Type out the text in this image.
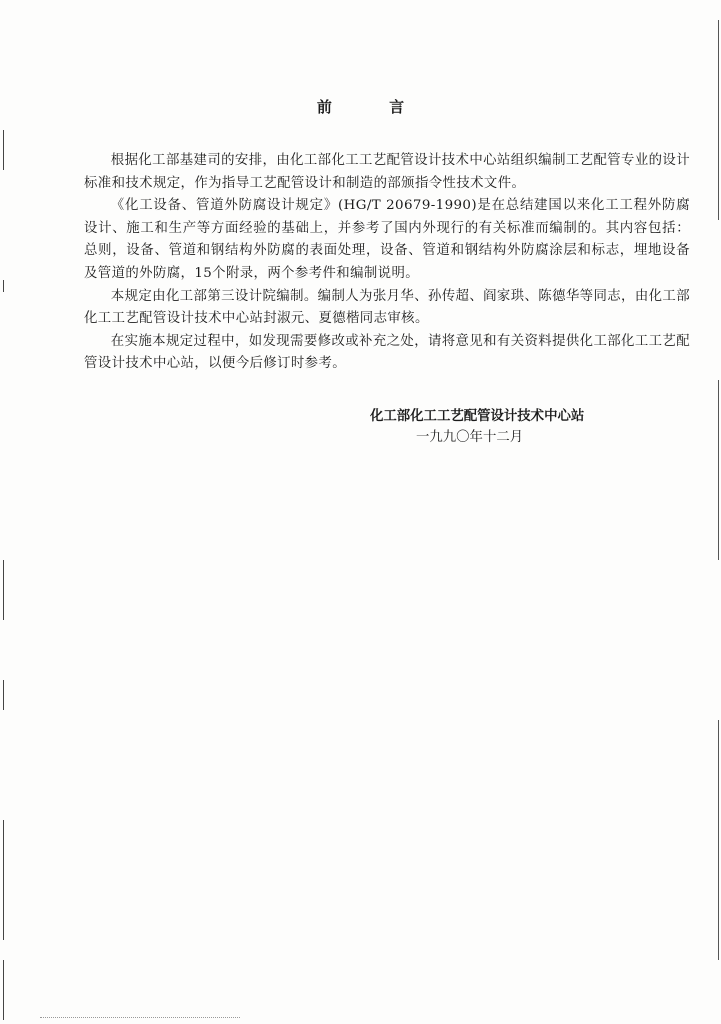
前 言

根据化工部基建司的安排，由化工部化工工艺配管设计技术中心站组织编制工艺配管专业的设计标准和技术规定，作为指导工艺配管设计和制造的部颁指令性技术文件。

《化工设备、管道外防腐设计规定》(HG/T 20679-1990)是在总结建国以来化工工程外防腐设计、施工和生产等方面经验的基础上，并参考了国内外现行的有关标准而编制的。其内容包括：总则，设备、管道和钢结构外防腐的表面处理，设备、管道和钢结构外防腐涂层和标志，埋地设备及管道的外防腐，15个附录，两个参考件和编制说明。

本规定由化工部第三设计院编制。编制人为张月华、孙传超、阎家珙、陈德华等同志，由化工部化工工艺配管设计技术中心站封淑元、夏德楷同志审核。

在实施本规定过程中，如发现需要修改或补充之处，请将意见和有关资料提供化工部化工工艺配管设计技术中心站，以便今后修订时参考。

化工部化工工艺配管设计技术中心站
一九九〇年十二月
